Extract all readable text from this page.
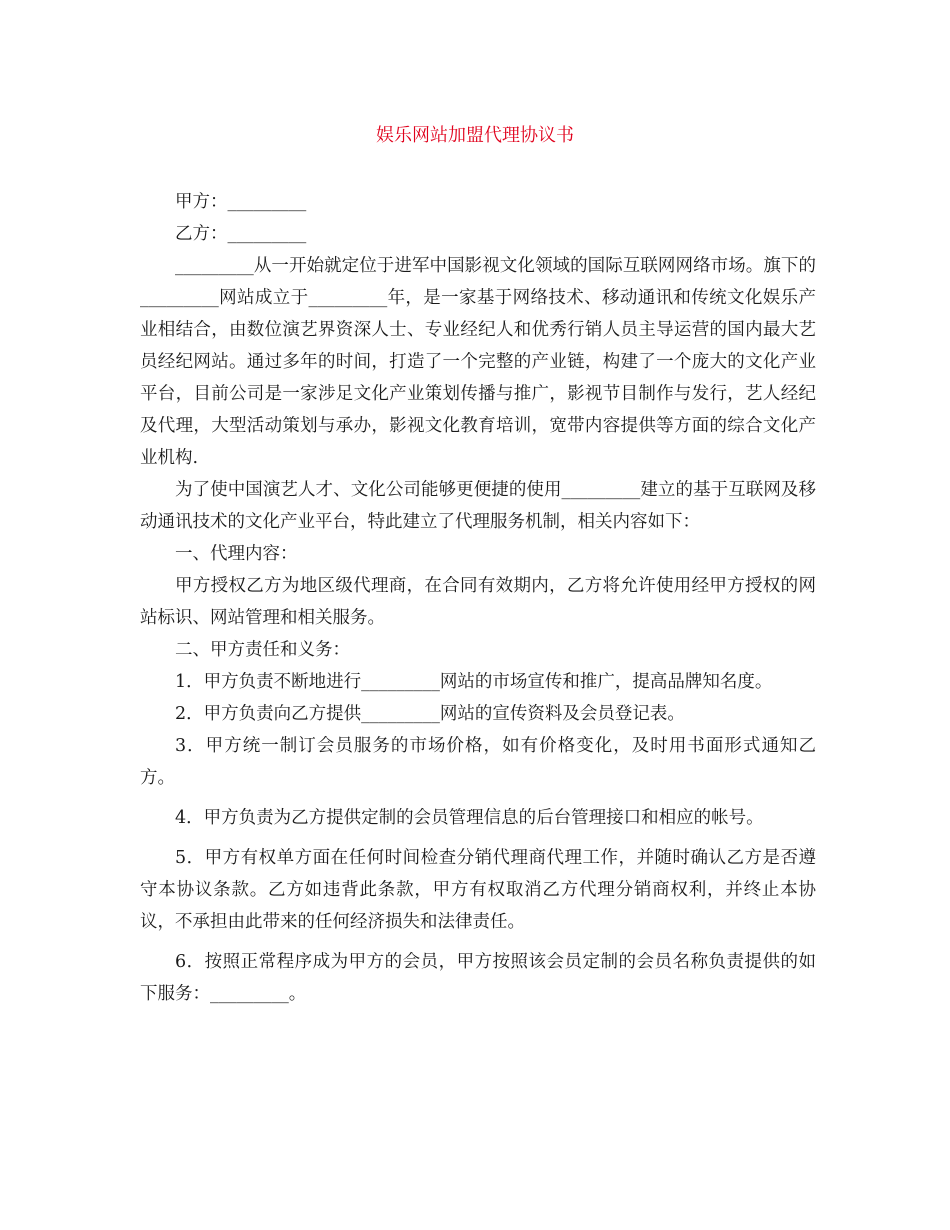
娱乐网站加盟代理协议书

甲方：_________

乙方：_________

_________从一开始就定位于进军中国影视文化领域的国际互联网网络市场。旗下的_________网站成立于_________年，是一家基于网络技术、移动通讯和传统文化娱乐产业相结合，由数位演艺界资深人士、专业经纪人和优秀行销人员主导运营的国内最大艺员经纪网站。通过多年的时间，打造了一个完整的产业链，构建了一个庞大的文化产业平台，目前公司是一家涉足文化产业策划传播与推广，影视节目制作与发行，艺人经纪及代理，大型活动策划与承办，影视文化教育培训，宽带内容提供等方面的综合文化产业机构.

为了使中国演艺人才、文化公司能够更便捷的使用_________建立的基于互联网及移动通讯技术的文化产业平台，特此建立了代理服务机制，相关内容如下：

一、代理内容：

甲方授权乙方为地区级代理商，在合同有效期内，乙方将允许使用经甲方授权的网站标识、网站管理和相关服务。

二、甲方责任和义务：

1．甲方负责不断地进行_________网站的市场宣传和推广，提高品牌知名度。

2．甲方负责向乙方提供_________网站的宣传资料及会员登记表。

3．甲方统一制订会员服务的市场价格，如有价格变化，及时用书面形式通知乙方。

4．甲方负责为乙方提供定制的会员管理信息的后台管理接口和相应的帐号。

5．甲方有权单方面在任何时间检查分销代理商代理工作，并随时确认乙方是否遵守本协议条款。乙方如违背此条款，甲方有权取消乙方代理分销商权利，并终止本协议，不承担由此带来的任何经济损失和法律责任。

6．按照正常程序成为甲方的会员，甲方按照该会员定制的会员名称负责提供的如下服务：_________。
